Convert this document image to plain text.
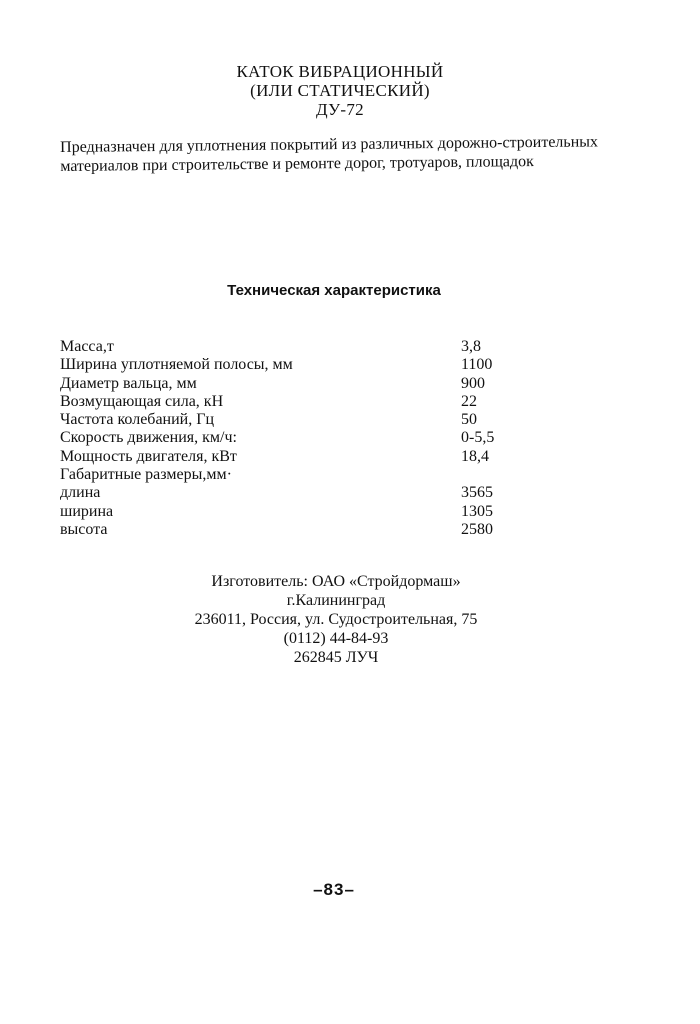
КАТОК ВИБРАЦИОННЫЙ
(ИЛИ СТАТИЧЕСКИЙ)
ДУ-72
Предназначен для уплотнения покрытий из различных дорожно-строительных
материалов при строительстве и ремонте дорог, тротуаров, площадок
Техническая характеристика
Масса,т	3,8
Ширина уплотняемой полосы, мм	1100
Диаметр вальца, мм	900
Возмущающая сила, кН	22
Частота колебаний, Гц	50
Скорость движения, км/ч:	0-5,5
Мощность двигателя, кВт	18,4
Габаритные размеры,мм·
длина	3565
ширина	1305
высота	2580
Изготовитель: ОАО «Стройдормаш»
г.Калининград
236011, Россия, ул. Судостроительная, 75
(0112) 44-84-93
262845 ЛУЧ
–83–
